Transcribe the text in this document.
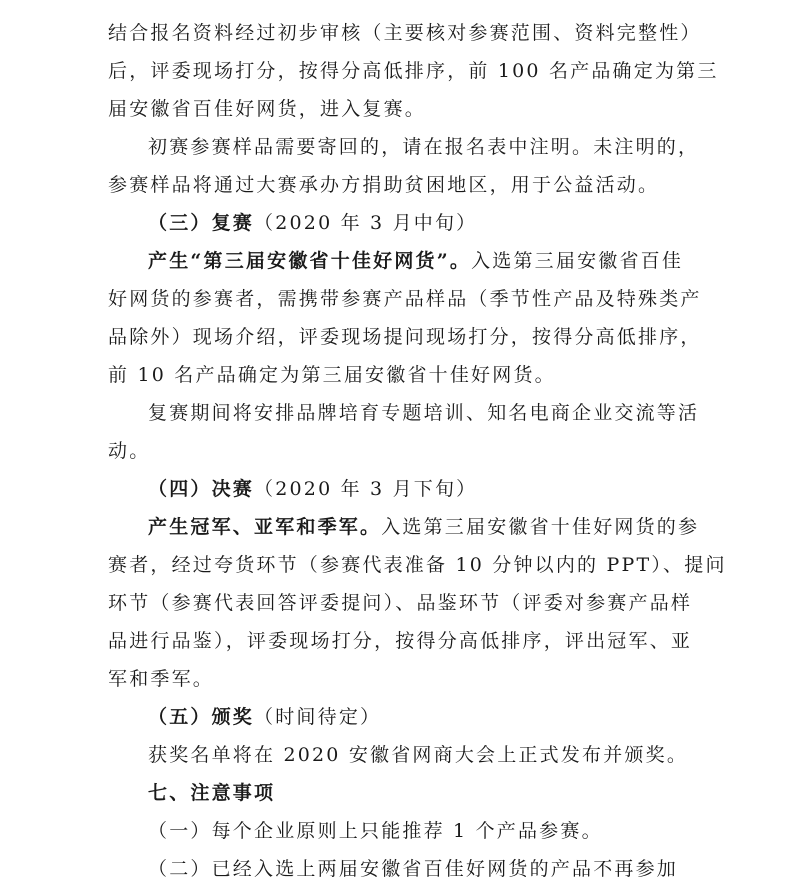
结合报名资料经过初步审核（主要核对参赛范围、资料完整性）
后，评委现场打分，按得分高低排序，前 100 名产品确定为第三
届安徽省百佳好网货，进入复赛。
初赛参赛样品需要寄回的，请在报名表中注明。未注明的，
参赛样品将通过大赛承办方捐助贫困地区，用于公益活动。
（三）复赛（2020 年 3 月中旬）
产生“第三届安徽省十佳好网货”。入选第三届安徽省百佳
好网货的参赛者，需携带参赛产品样品（季节性产品及特殊类产
品除外）现场介绍，评委现场提问现场打分，按得分高低排序，
前 10 名产品确定为第三届安徽省十佳好网货。
复赛期间将安排品牌培育专题培训、知名电商企业交流等活
动。
（四）决赛（2020 年 3 月下旬）
产生冠军、亚军和季军。入选第三届安徽省十佳好网货的参
赛者，经过夸货环节（参赛代表准备 10 分钟以内的 PPT）、提问
环节（参赛代表回答评委提问）、品鉴环节（评委对参赛产品样
品进行品鉴），评委现场打分，按得分高低排序，评出冠军、亚
军和季军。
（五）颁奖（时间待定）
获奖名单将在 2020 安徽省网商大会上正式发布并颁奖。
七、注意事项
（一）每个企业原则上只能推荐 1 个产品参赛。
（二）已经入选上两届安徽省百佳好网货的产品不再参加
